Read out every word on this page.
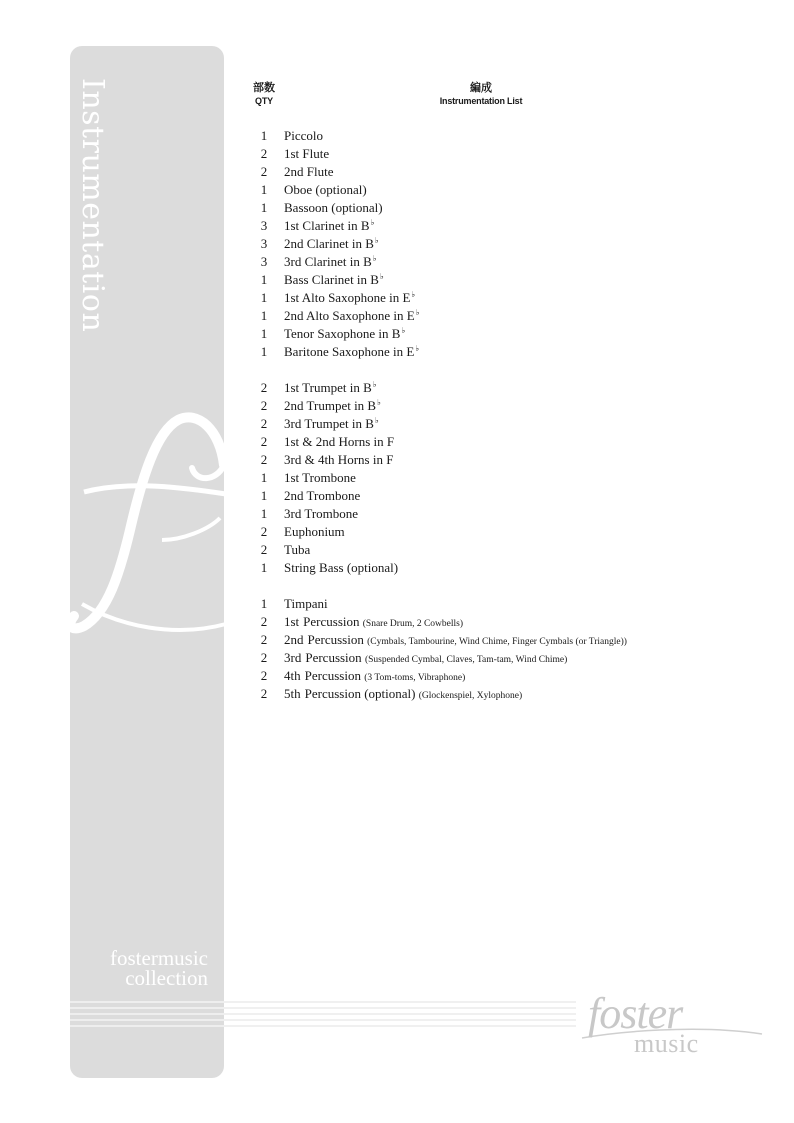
Instrumentation
fostermusic
collection
foster
music
部数
QTY
編成
Instrumentation List
1	Piccolo
2	1st Flute
2	2nd Flute
1	Oboe (optional)
1	Bassoon (optional)
3	1st Clarinet in B♭
3	2nd Clarinet in B♭
3	3rd Clarinet in B♭
1	Bass Clarinet in B♭
1	1st Alto Saxophone in E♭
1	2nd Alto Saxophone in E♭
1	Tenor Saxophone in B♭
1	Baritone Saxophone in E♭
2	1st Trumpet in B♭
2	2nd Trumpet in B♭
2	3rd Trumpet in B♭
2	1st & 2nd Horns in F
2	3rd & 4th Horns in F
1	1st Trombone
1	2nd Trombone
1	3rd Trombone
2	Euphonium
2	Tuba
1	String Bass (optional)
1	Timpani
2	1st Percussion (Snare Drum, 2 Cowbells)
2	2nd Percussion (Cymbals, Tambourine, Wind Chime, Finger Cymbals (or Triangle))
2	3rd Percussion (Suspended Cymbal, Claves, Tam-tam, Wind Chime)
2	4th Percussion (3 Tom-toms, Vibraphone)
2	5th Percussion (optional) (Glockenspiel, Xylophone)
